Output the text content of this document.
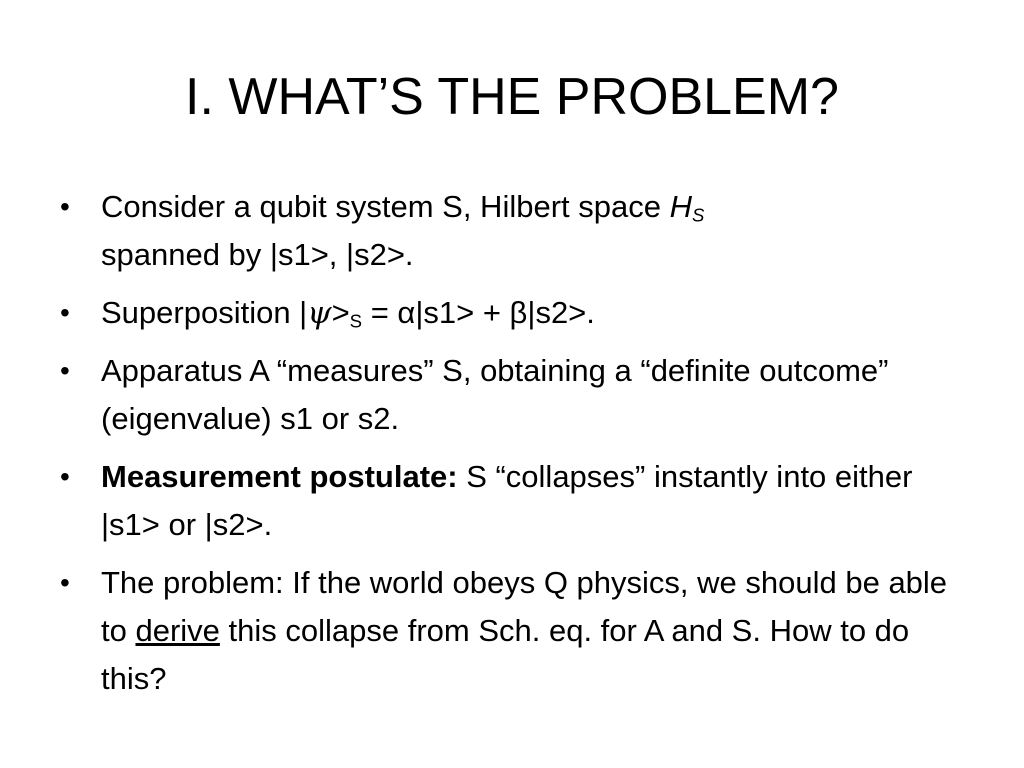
I. WHAT’S THE PROBLEM?
• Consider a qubit system S, Hilbert space $H_S$
spanned by |s1>, |s2>.
• Superposition $|\psi>_S = \alpha|s1> + \beta|s2>$.
• Apparatus A “measures” S, obtaining a “definite outcome” (eigenvalue) s1 or s2.
• Measurement postulate: S “collapses” instantly into either |s1> or |s2>.
• The problem: If the world obeys Q physics, we should be able to derive this collapse from Sch. eq. for A and S. How to do this?
